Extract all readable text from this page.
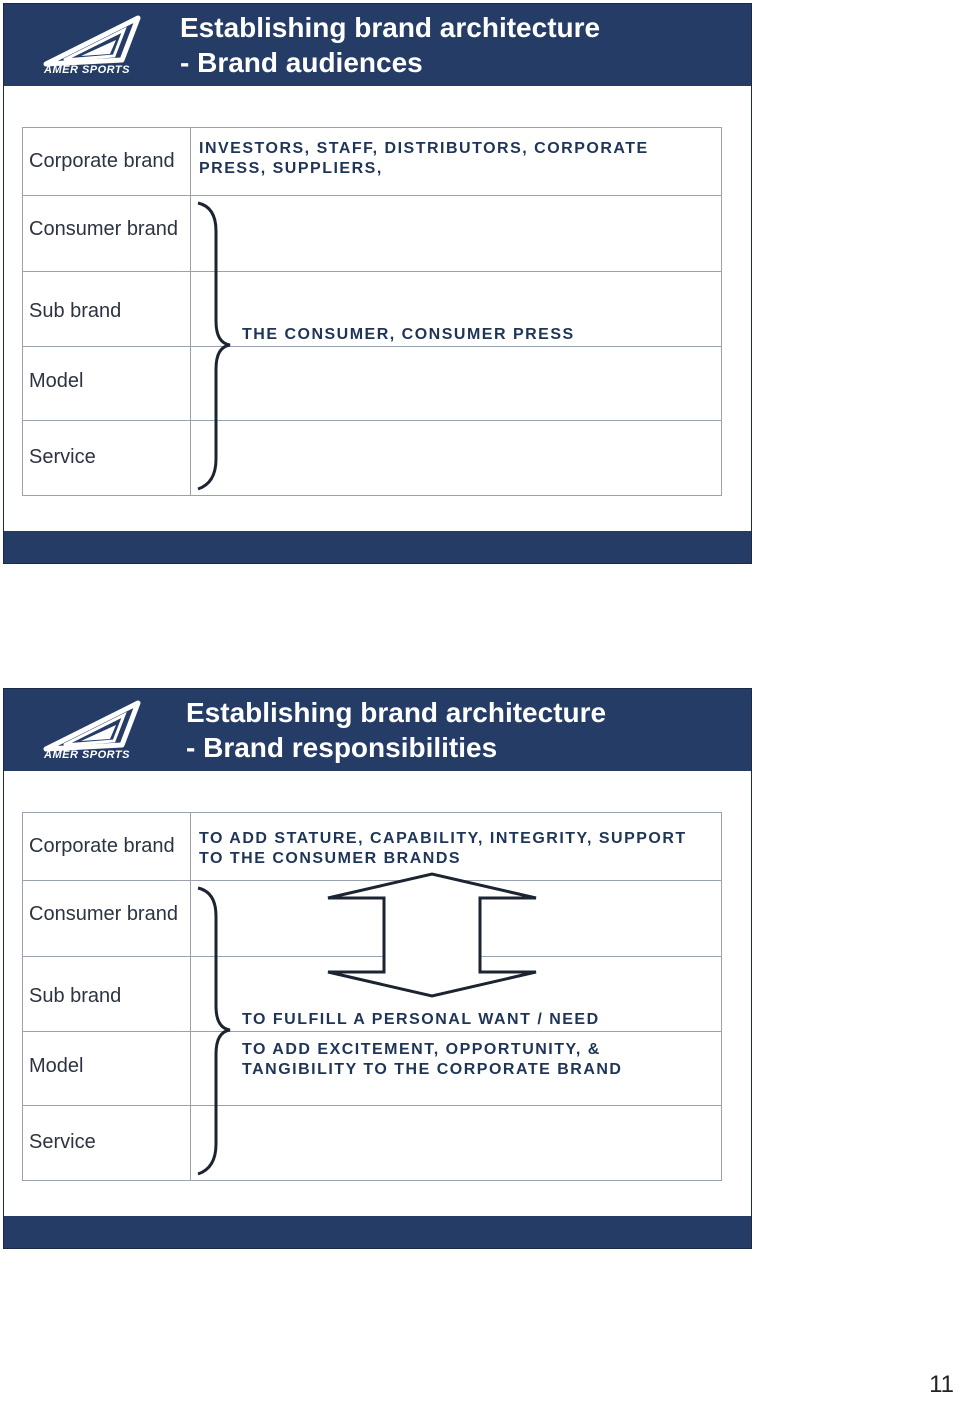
AMER SPORTS
Establishing brand architecture
- Brand audiences
Corporate brand
Consumer brand
Sub brand
Model
Service
INVESTORS, STAFF, DISTRIBUTORS, CORPORATE
PRESS, SUPPLIERS,
THE CONSUMER, CONSUMER PRESS
AMER SPORTS
Establishing brand architecture
- Brand responsibilities
Corporate brand
Consumer brand
Sub brand
Model
Service
TO ADD STATURE, CAPABILITY, INTEGRITY, SUPPORT
TO THE CONSUMER BRANDS
TO FULFILL A PERSONAL WANT / NEED
TO ADD EXCITEMENT, OPPORTUNITY, &
TANGIBILITY TO THE CORPORATE BRAND
11
